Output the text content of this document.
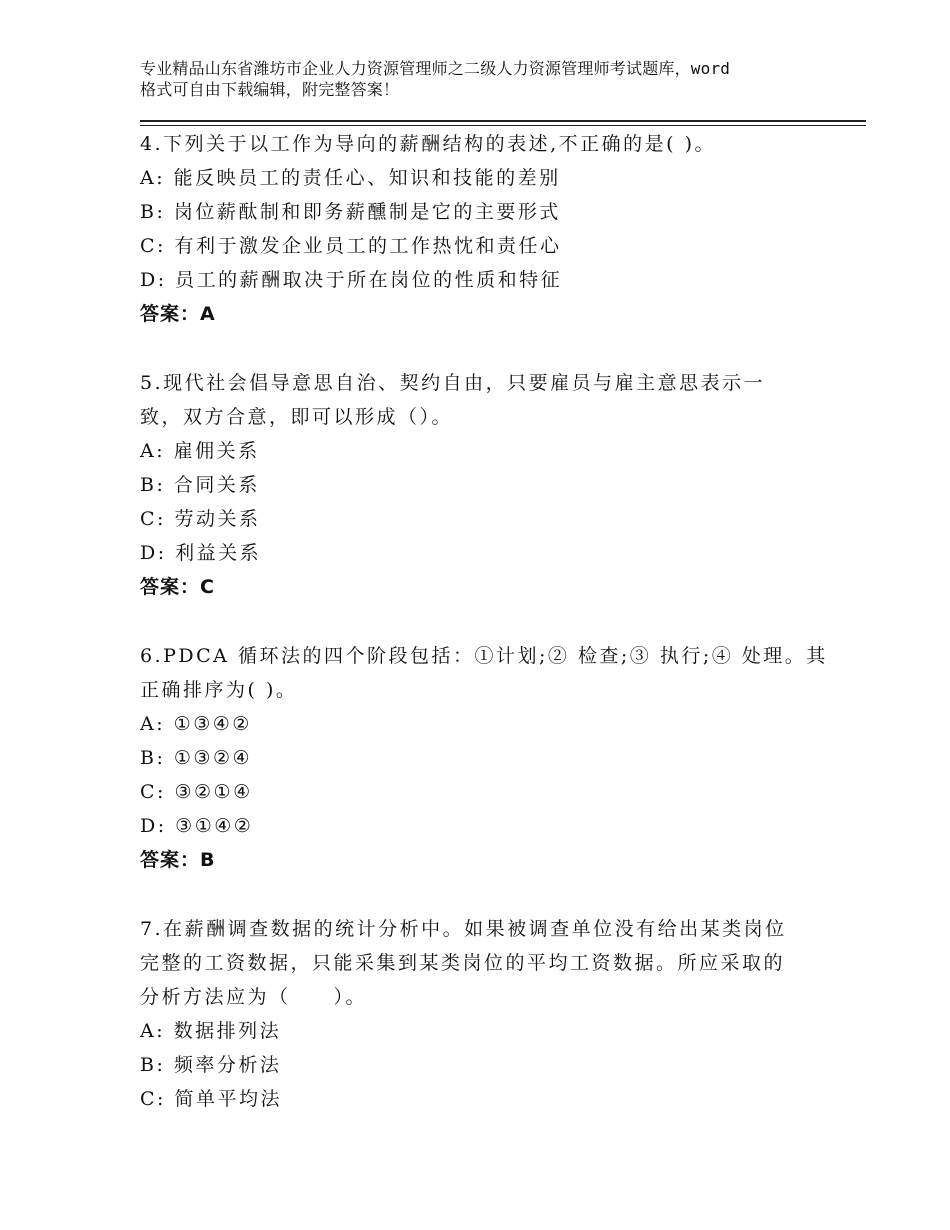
专业精品山东省潍坊市企业人力资源管理师之二级人力资源管理师考试题库，word
格式可自由下载编辑，附完整答案！
4.下列关于以工作为导向的薪酬结构的表述,不正确的是( )。
A: 能反映员工的责任心、知识和技能的差别
B: 岗位薪酞制和即务薪醺制是它的主要形式
C: 有利于激发企业员工的工作热忱和责任心
D: 员工的薪酬取决于所在岗位的性质和特征
答案：A
5.现代社会倡导意思自治、契约自由，只要雇员与雇主意思表示一
致，双方合意，即可以形成（）。
A: 雇佣关系
B: 合同关系
C: 劳动关系
D: 利益关系
答案：C
6.PDCA 循环法的四个阶段包括：①计划;② 检查;③ 执行;④ 处理。其
正确排序为( )。
A: ①③④②
B: ①③②④
C: ③②①④
D: ③①④②
答案：B
7.在薪酬调查数据的统计分析中。如果被调查单位没有给出某类岗位
完整的工资数据，只能采集到某类岗位的平均工资数据。所应采取的
分析方法应为（　　）。
A: 数据排列法
B: 频率分析法
C: 简单平均法
